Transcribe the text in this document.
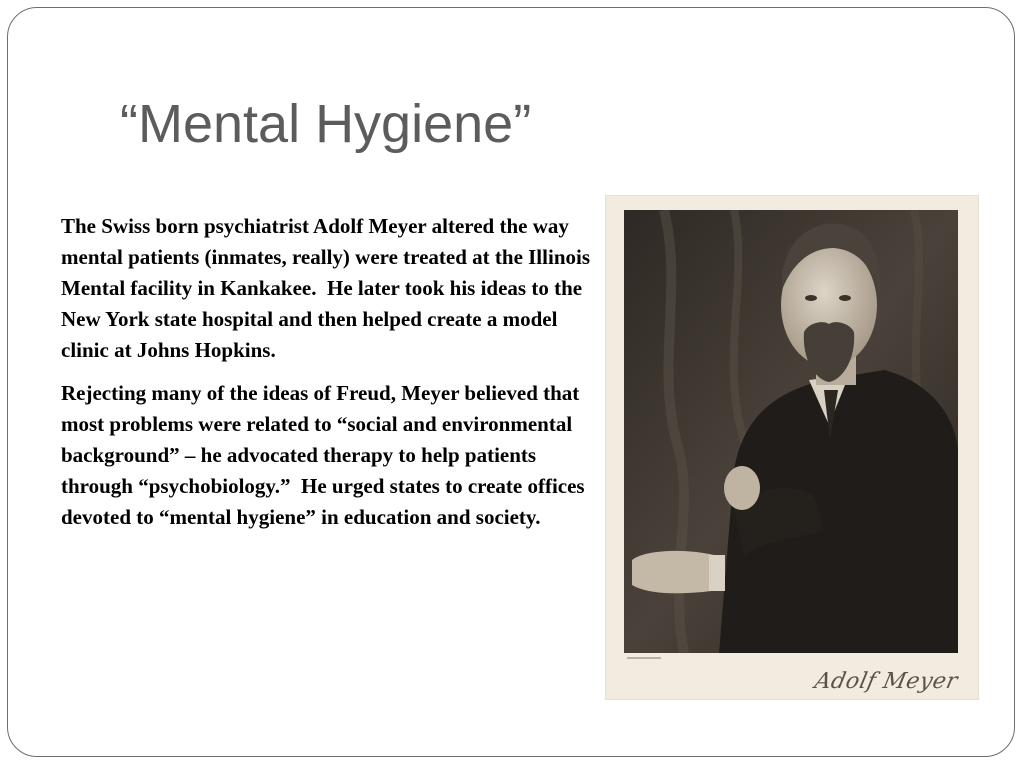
“Mental Hygiene”

The Swiss born psychiatrist Adolf Meyer altered the way mental patients (inmates, really) were treated at the Illinois Mental facility in Kankakee.  He later took his ideas to the New York state hospital and then helped create a model clinic at Johns Hopkins.

Rejecting many of the ideas of Freud, Meyer believed that most problems were related to “social and environmental background” – he advocated therapy to help patients through “psychobiology.”  He urged states to create offices devoted to “mental hygiene” in education and society.

Adolf Meyer
